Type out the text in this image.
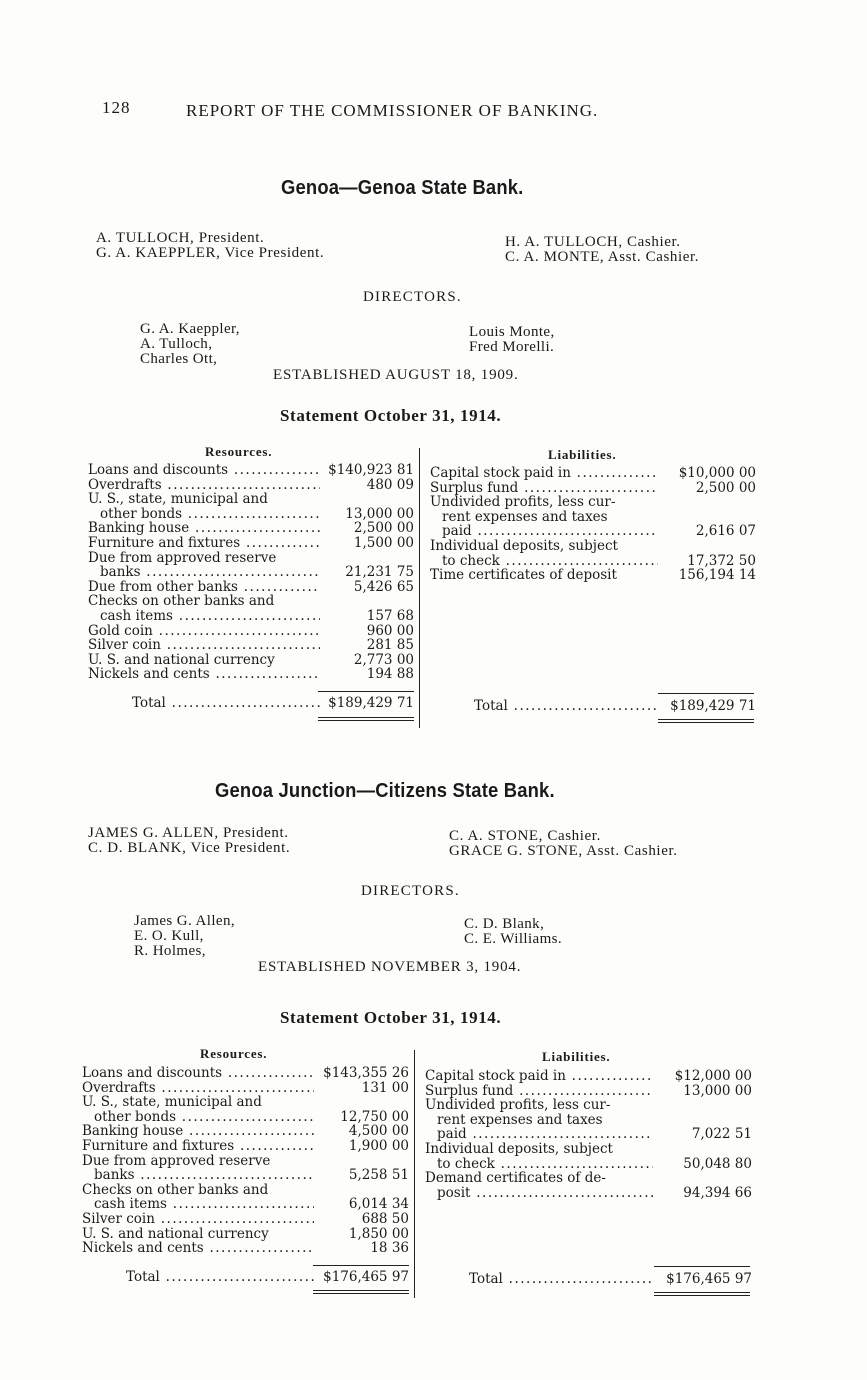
128	REPORT OF THE COMMISSIONER OF BANKING.
Genoa—Genoa State Bank.
A. TULLOCH, President.
G. A. KAEPPLER, Vice President.
H. A. TULLOCH, Cashier.
C. A. MONTE, Asst. Cashier.
DIRECTORS.
G. A. Kaeppler,
A. Tulloch,
Charles Ott,
Louis Monte,
Fred Morelli.
ESTABLISHED AUGUST 18, 1909.
Statement October 31, 1914.
Resources.	Liabilities.
Loans and discounts .....	$140,923 81
Overdrafts .....	480 09
U. S., state, municipal and
other bonds .....	13,000 00
Banking house .....	2,500 00
Furniture and fixtures .....	1,500 00
Due from approved reserve
banks .....	21,231 75
Due from other banks .....	5,426 65
Checks on other banks and
cash items .....	157 68
Gold coin .....	960 00
Silver coin .....	281 85
U. S. and national currency	2,773 00
Nickels and cents .....	194 88
Capital stock paid in .....	$10,000 00
Surplus fund .....	2,500 00
Undivided profits, less cur-
rent expenses and taxes
paid .....	2,616 07
Individual deposits, subject
to check .....	17,372 50
Time certificates of deposit	156,194 14
Total .....	$189,429 71	Total .....	$189,429 71
Genoa Junction—Citizens State Bank.
JAMES G. ALLEN, President.
C. D. BLANK, Vice President.
C. A. STONE, Cashier.
GRACE G. STONE, Asst. Cashier.
DIRECTORS.
James G. Allen,
E. O. Kull,
R. Holmes,
C. D. Blank,
C. E. Williams.
ESTABLISHED NOVEMBER 3, 1904.
Statement October 31, 1914.
Resources.	Liabilities.
Loans and discounts .....	$143,355 26
Overdrafts .....	131 00
U. S., state, municipal and
other bonds .....	12,750 00
Banking house .....	4,500 00
Furniture and fixtures .....	1,900 00
Due from approved reserve
banks .....	5,258 51
Checks on other banks and
cash items .....	6,014 34
Silver coin .....	688 50
U. S. and national currency	1,850 00
Nickels and cents .....	18 36
Capital stock paid in .....	$12,000 00
Surplus fund .....	13,000 00
Undivided profits, less cur-
rent expenses and taxes
paid .....	7,022 51
Individual deposits, subject
to check .....	50,048 80
Demand certificates of de-
posit .....	94,394 66
Total .....	$176,465 97	Total .....	$176,465 97
